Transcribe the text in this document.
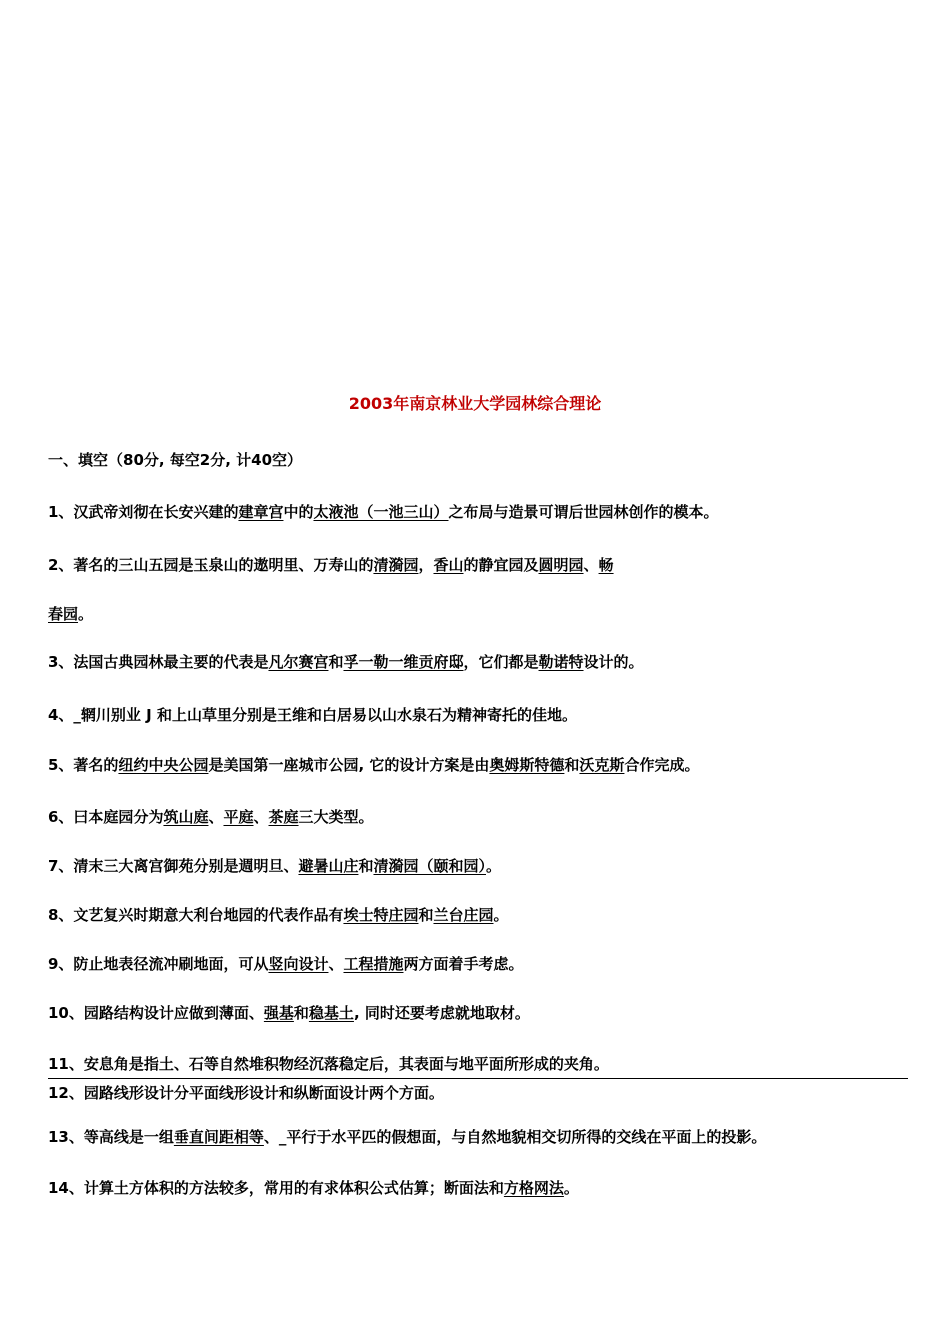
2003年南京林业大学园林综合理论
一、填空（80分, 每空2分, 计40空）
1、汉武帝刘彻在长安兴建的建章宫中的太液池（一池三山）之布局与造景可谓后世园林创作的模本。
2、著名的三山五园是玉泉山的遨明里、万寿山的清漪园，香山的静宜园及圆明园、畅
春园。
3、法国古典园林最主要的代表是凡尔赛宫和孚一勒一维贡府邸，它们都是勒诺特设计的。
4、_辋川别业 J 和上山草里分别是王维和白居易以山水泉石为精神寄托的佳地。
5、著名的纽约中央公园是美国第一座城市公园, 它的设计方案是由奥姆斯特德和沃克斯合作完成。
6、曰本庭园分为筑山庭、平庭、茶庭三大类型。
7、清末三大离宫御苑分别是週明旦、避暑山庄和清漪园（颐和园）。
8、文艺复兴时期意大利台地园的代表作品有埃士特庄园和兰台庄园。
9、防止地表径流冲刷地面，可从竖向设计、工程措施两方面着手考虑。
10、园路结构设计应做到薄面、强基和稳基土, 同时还要考虑就地取材。
11、安息角是指土、石等自然堆积物经沉落稳定后，其表面与地平面所形成的夹角。
12、园路线形设计分平面线形设计和纵断面设计两个方面。
13、等高线是一组垂直间距相等、_平行于水平匹的假想面，与自然地貌相交切所得的交线在平面上的投影。
14、计算土方体积的方法较多，常用的有求体积公式估算；断面法和方格网法。
